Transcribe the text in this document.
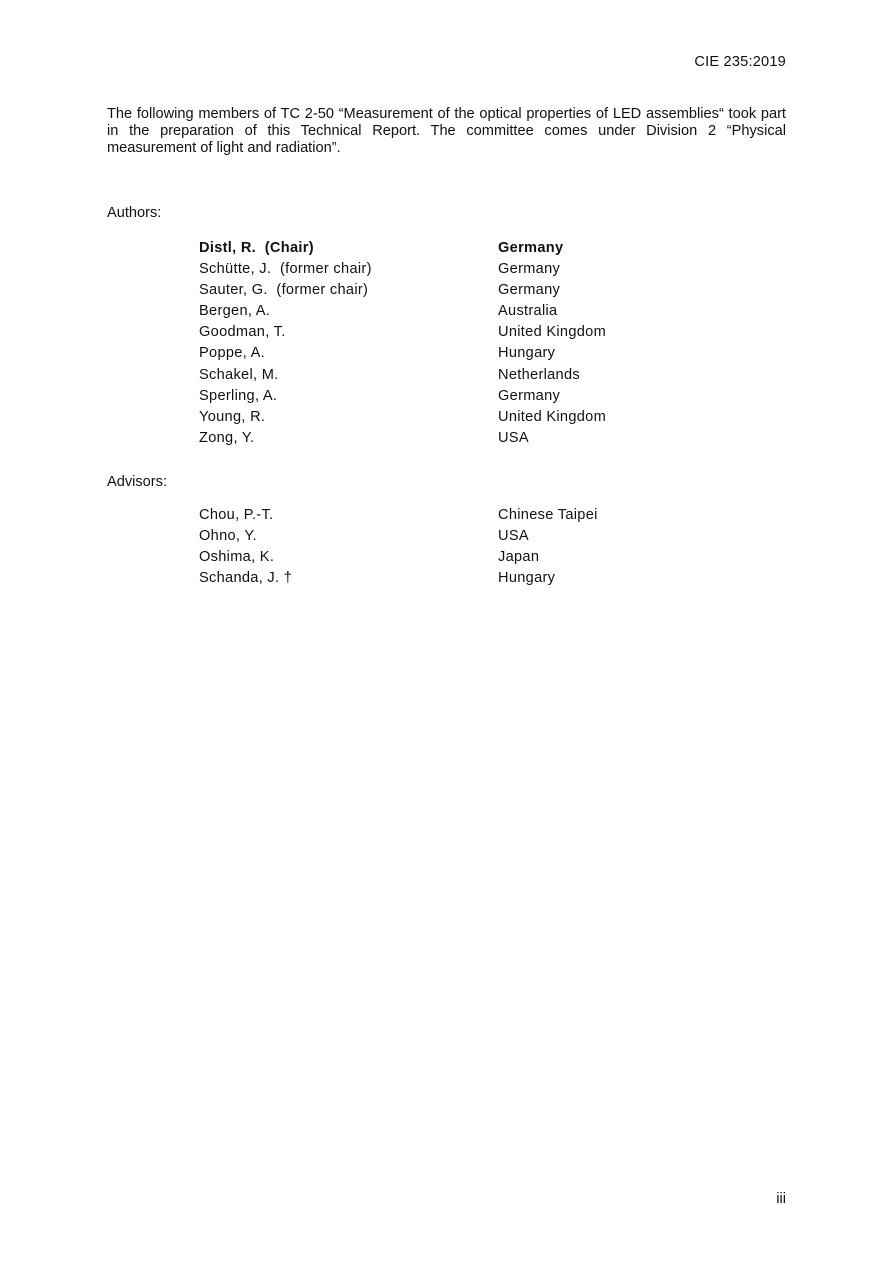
CIE 235:2019

The following members of TC 2-50 “Measurement of the optical properties of LED assemblies“ took part in the preparation of this Technical Report. The committee comes under Division 2 “Physical measurement of light and radiation”.

Authors:
Distl, R.  (Chair)	Germany
Schütte, J.  (former chair)	Germany
Sauter, G.  (former chair)	Germany
Bergen, A.	Australia
Goodman, T.	United Kingdom
Poppe, A.	Hungary
Schakel, M.	Netherlands
Sperling, A.	Germany
Young, R.	United Kingdom
Zong, Y.	USA
Advisors:
Chou, P.-T.	Chinese Taipei
Ohno, Y.	USA
Oshima, K.	Japan
Schanda, J. †	Hungary
iii
